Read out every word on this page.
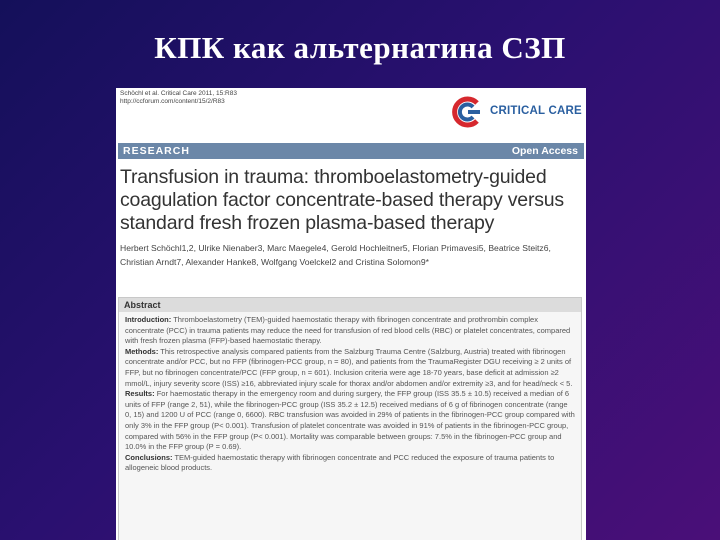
КПК как альтернатина СЗП
Schöchl et al. Critical Care 2011, 15:R83
http://ccforum.com/content/15/2/R83
CRITICAL CARE
RESEARCH	Open Access
Transfusion in trauma: thromboelastometry-guided coagulation factor concentrate-based therapy versus standard fresh frozen plasma-based therapy
Herbert Schöchl1,2, Ulrike Nienaber3, Marc Maegele4, Gerold Hochleitner5, Florian Primavesi5, Beatrice Steitz6, Christian Arndt7, Alexander Hanke8, Wolfgang Voelckel2 and Cristina Solomon9*
Abstract

Introduction: Thromboelastometry (TEM)-guided haemostatic therapy with fibrinogen concentrate and prothrombin complex concentrate (PCC) in trauma patients may reduce the need for transfusion of red blood cells (RBC) or platelet concentrates, compared with fresh frozen plasma (FFP)-based haemostatic therapy.

Methods: This retrospective analysis compared patients from the Salzburg Trauma Centre (Salzburg, Austria) treated with fibrinogen concentrate and/or PCC, but no FFP (fibrinogen-PCC group, n = 80), and patients from the TraumaRegister DGU receiving ≥ 2 units of FFP, but no fibrinogen concentrate/PCC (FFP group, n = 601). Inclusion criteria were age 18-70 years, base deficit at admission ≥2 mmol/L, injury severity score (ISS) ≥16, abbreviated injury scale for thorax and/or abdomen and/or extremity ≥3, and for head/neck < 5.

Results: For haemostatic therapy in the emergency room and during surgery, the FFP group (ISS 35.5 ± 10.5) received a median of 6 units of FFP (range 2, 51), while the fibrinogen-PCC group (ISS 35.2 ± 12.5) received medians of 6 g of fibrinogen concentrate (range 0, 15) and 1200 U of PCC (range 0, 6600). RBC transfusion was avoided in 29% of patients in the fibrinogen-PCC group compared with only 3% in the FFP group (P< 0.001). Transfusion of platelet concentrate was avoided in 91% of patients in the fibrinogen-PCC group, compared with 56% in the FFP group (P< 0.001). Mortality was comparable between groups: 7.5% in the fibrinogen-PCC group and 10.0% in the FFP group (P = 0.69).

Conclusions: TEM-guided haemostatic therapy with fibrinogen concentrate and PCC reduced the exposure of trauma patients to allogeneic blood products.
